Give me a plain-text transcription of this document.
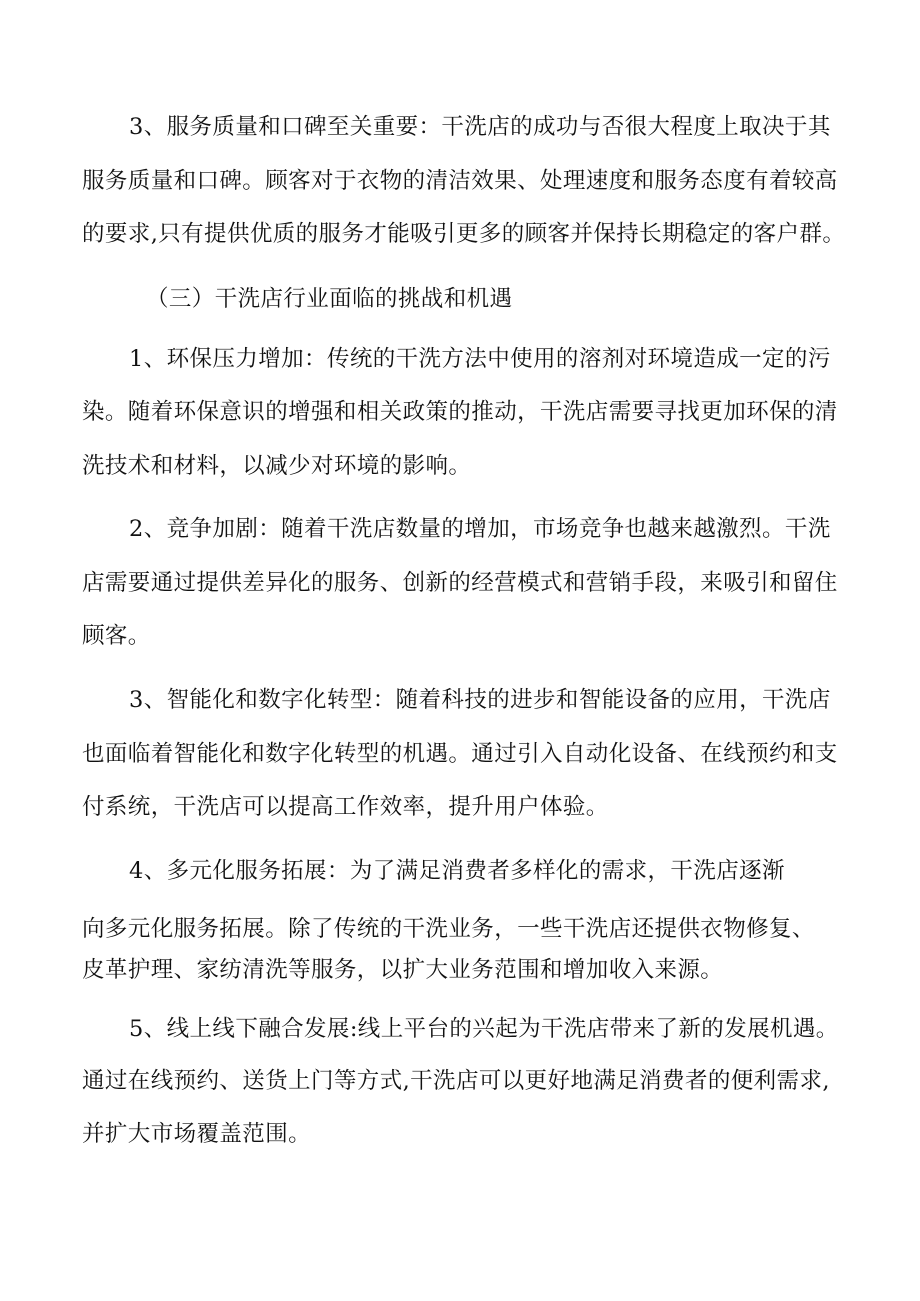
3、服务质量和口碑至关重要：干洗店的成功与否很大程度上取决于其
服务质量和口碑。顾客对于衣物的清洁效果、处理速度和服务态度有着较高
的要求,只有提供优质的服务才能吸引更多的顾客并保持长期稳定的客户群。
（三）干洗店行业面临的挑战和机遇
1、环保压力增加：传统的干洗方法中使用的溶剂对环境造成一定的污
染。随着环保意识的增强和相关政策的推动，干洗店需要寻找更加环保的清
洗技术和材料，以减少对环境的影响。
2、竞争加剧：随着干洗店数量的增加，市场竞争也越来越激烈。干洗
店需要通过提供差异化的服务、创新的经营模式和营销手段，来吸引和留住
顾客。
3、智能化和数字化转型：随着科技的进步和智能设备的应用，干洗店
也面临着智能化和数字化转型的机遇。通过引入自动化设备、在线预约和支
付系统，干洗店可以提高工作效率，提升用户体验。
4、多元化服务拓展：为了满足消费者多样化的需求，干洗店逐渐
向多元化服务拓展。除了传统的干洗业务，一些干洗店还提供衣物修复、
皮革护理、家纺清洗等服务，以扩大业务范围和增加收入来源。
5、线上线下融合发展:线上平台的兴起为干洗店带来了新的发展机遇。
通过在线预约、送货上门等方式,干洗店可以更好地满足消费者的便利需求,
并扩大市场覆盖范围。
